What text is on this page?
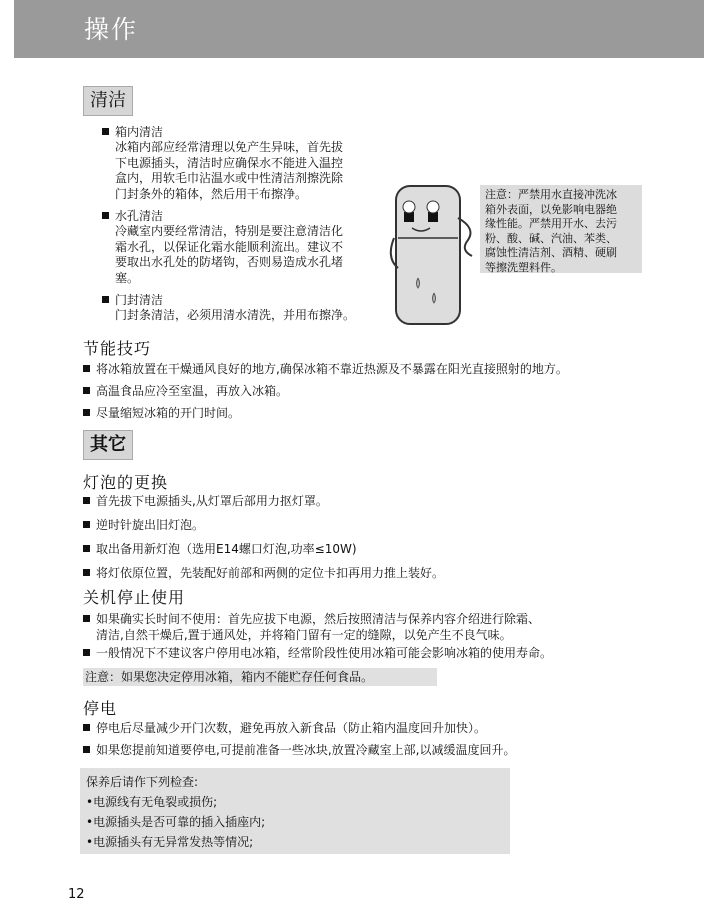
操作
清洁
箱内清洁
冰箱内部应经常清理以免产生异味，首先拔
下电源插头，清洁时应确保水不能进入温控
盒内，用软毛巾沾温水或中性清洁剂擦洗除
门封条外的箱体，然后用干布擦净。
水孔清洁
冷藏室内要经常清洁，特别是要注意清洁化
霜水孔，以保证化霜水能顺利流出。建议不
要取出水孔处的防堵钩，否则易造成水孔堵
塞。
门封清洁
门封条清洁，必须用清水清洗，并用布擦净。
注意：严禁用水直接冲洗冰
箱外表面，以免影响电器绝
缘性能。严禁用开水、去污
粉、酸、碱、汽油、苯类、
腐蚀性清洁剂、酒精、硬刷
等擦洗塑料件。
节能技巧
将冰箱放置在干燥通风良好的地方,确保冰箱不靠近热源及不暴露在阳光直接照射的地方。
高温食品应冷至室温，再放入冰箱。
尽量缩短冰箱的开门时间。
其它
灯泡的更换
首先拔下电源插头,从灯罩后部用力抠灯罩。
逆时针旋出旧灯泡。
取出备用新灯泡（选用E14螺口灯泡,功率≤10W)
将灯依原位置，先装配好前部和两侧的定位卡扣再用力推上装好。
关机停止使用
如果确实长时间不使用：首先应拔下电源，然后按照清洁与保养内容介绍进行除霜、
清洁,自然干燥后,置于通风处，并将箱门留有一定的缝隙，以免产生不良气味。
一般情况下不建议客户停用电冰箱，经常阶段性使用冰箱可能会影响冰箱的使用寿命。
注意：如果您决定停用冰箱，箱内不能贮存任何食品。
停电
停电后尽量减少开门次数，避免再放入新食品（防止箱内温度回升加快）。
如果您提前知道要停电,可提前准备一些冰块,放置冷藏室上部,以减缓温度回升。
保养后请作下列检查:
•电源线有无龟裂或损伤;
•电源插头是否可靠的插入插座内;
•电源插头有无异常发热等情况;
12
